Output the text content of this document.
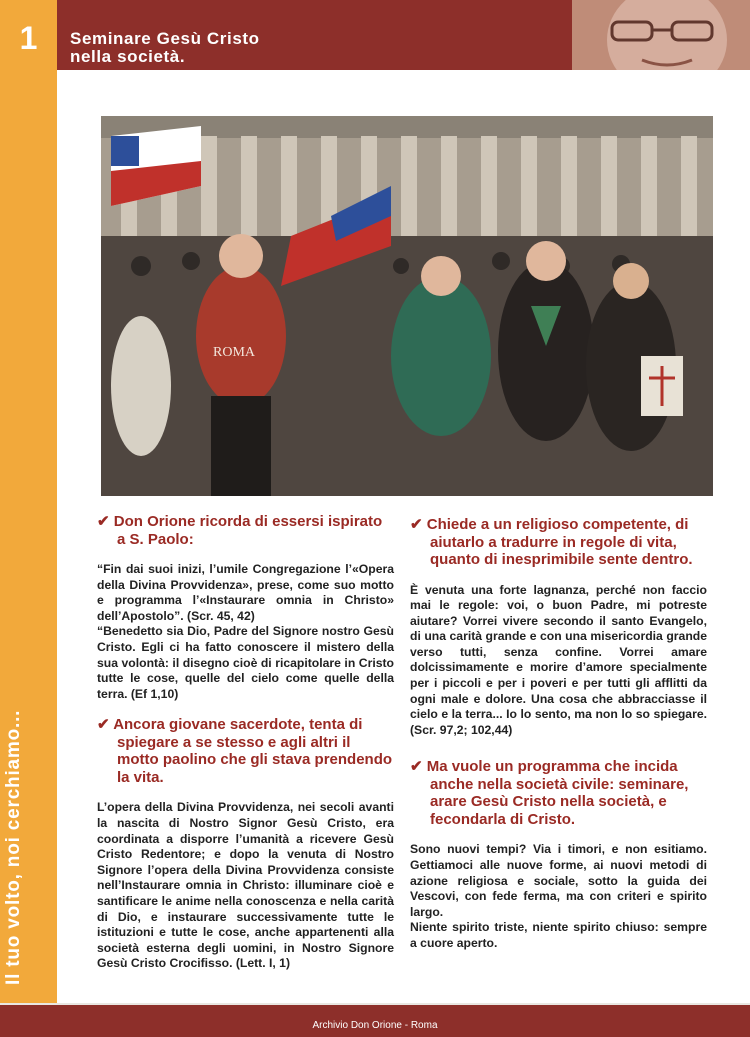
1	Seminare Gesù Cristo
nella società.
Il tuo volto, noi cerchiamo...
ROMA
✔ Don Orione ricorda di essersi ispirato a S. Paolo:

“Fin dai suoi inizi, l’umile Congregazione l’«Opera della Divina Provvidenza», prese, come suo motto e programma l’«Instaurare omnia in Christo» dell’Apostolo”. (Scr. 45, 42)

“Benedetto sia Dio, Padre del Signore nostro Gesù Cristo. Egli ci ha fatto conoscere il mistero della sua volontà: il disegno cioè di ricapitolare in Cristo tutte le cose, quelle del cielo come quelle della terra. (Ef 1,10)

✔ Ancora giovane sacerdote, tenta di spiegare a se stesso e agli altri il motto paolino che gli stava prendendo la vita.

L’opera della Divina Provvidenza, nei secoli avanti la nascita di Nostro Signor Gesù Cristo, era coordinata a disporre l’umanità a ricevere Gesù Cristo Redentore; e dopo la venuta di Nostro Signore l’opera della Divina Provvidenza consiste nell’Instaurare omnia in Christo: illuminare cioè e santificare le anime nella conoscenza e nella carità di Dio, e instaurare successivamente tutte le istituzioni e tutte le cose, anche appartenenti alla società esterna degli uomini, in Nostro Signore Gesù Cristo Crocifisso. (Lett. I, 1)

✔ Chiede a un religioso competente, di aiutarlo a tradurre in regole di vita, quanto di inesprimibile sente dentro.

È venuta una forte lagnanza, perché non faccio mai le regole: voi, o buon Padre, mi potreste aiutare? Vorrei vivere secondo il santo Evangelo, di una carità grande e con una misericordia grande verso tutti, senza confine. Vorrei amare dolcissimamente e morire d’amore specialmente per i piccoli e per i poveri e per tutti gli afflitti da ogni male e dolore. Una cosa che abbracciasse il cielo e la terra... Io lo sento, ma non lo so spiegare. (Scr. 97,2; 102,44)

✔ Ma vuole un programma che incida anche nella società civile: seminare, arare Gesù Cristo nella società, e fecondarla di Cristo.

Sono nuovi tempi? Via i timori, e non esitiamo. Gettiamoci alle nuove forme, ai nuovi metodi di azione religiosa e sociale, sotto la guida dei Vescovi, con fede ferma, ma con criteri e spirito largo.

Niente spirito triste, niente spirito chiuso: sempre a cuore aperto.

Archivio Don Orione - Roma
